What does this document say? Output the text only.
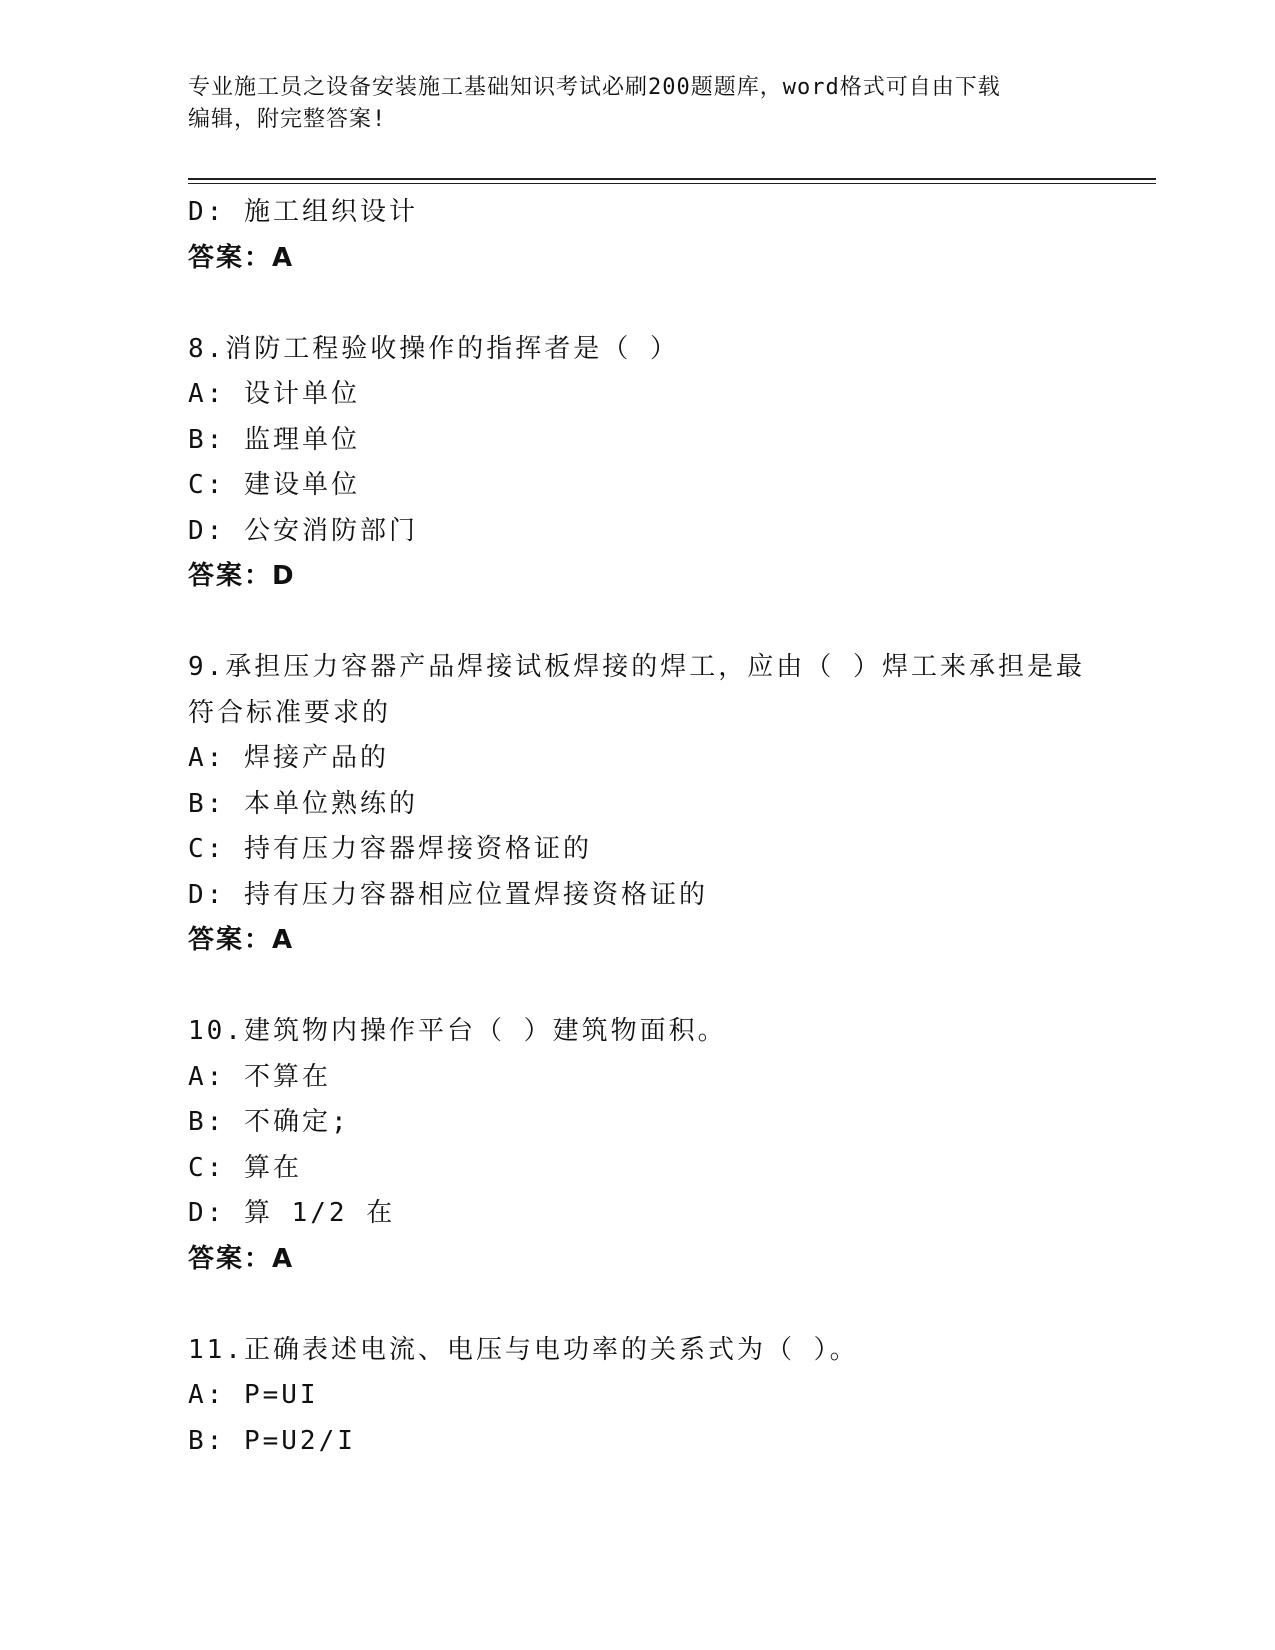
专业施工员之设备安装施工基础知识考试必刷200题题库，word格式可自由下载
编辑，附完整答案!
D: 施工组织设计
答案：A
8.消防工程验收操作的指挥者是（ ）
A: 设计单位
B: 监理单位
C: 建设单位
D: 公安消防部门
答案：D
9.承担压力容器产品焊接试板焊接的焊工，应由（ ）焊工来承担是最
符合标准要求的
A: 焊接产品的
B: 本单位熟练的
C: 持有压力容器焊接资格证的
D: 持有压力容器相应位置焊接资格证的
答案：A
10.建筑物内操作平台（ ）建筑物面积。
A: 不算在
B: 不确定;
C: 算在
D: 算 1/2 在
答案：A
11.正确表述电流、电压与电功率的关系式为（ ）。
A: P=UI
B: P=U2/I
